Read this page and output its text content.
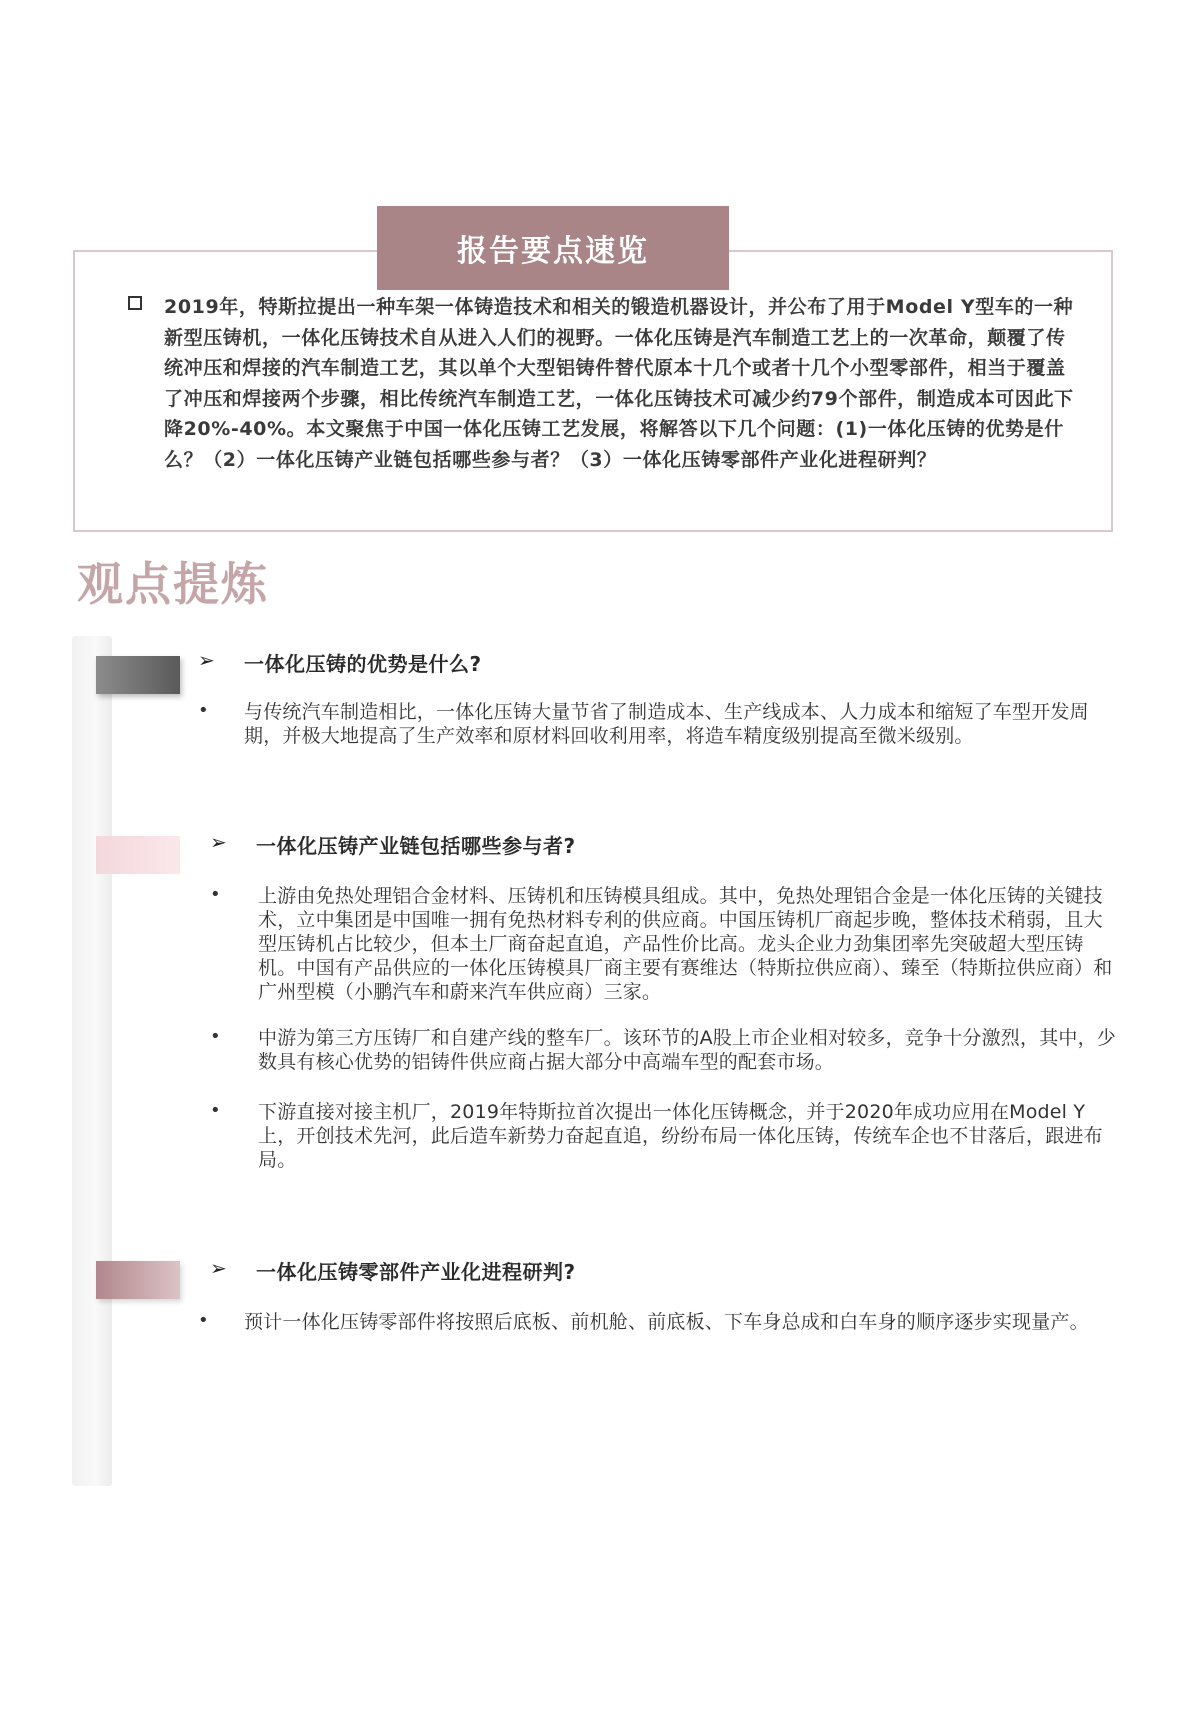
报告要点速览
2019年，特斯拉提出一种车架一体铸造技术和相关的锻造机器设计，并公布了用于Model Y型车的一种新型压铸机，一体化压铸技术自从进入人们的视野。一体化压铸是汽车制造工艺上的一次革命，颠覆了传统冲压和焊接的汽车制造工艺，其以单个大型铝铸件替代原本十几个或者十几个小型零部件，相当于覆盖了冲压和焊接两个步骤，相比传统汽车制造工艺，一体化压铸技术可减少约79个部件，制造成本可因此下降20%-40%。本文聚焦于中国一体化压铸工艺发展，将解答以下几个问题：(1)一体化压铸的优势是什么？（2）一体化压铸产业链包括哪些参与者？（3）一体化压铸零部件产业化进程研判？
观点提炼
➢ 一体化压铸的优势是什么?
• 与传统汽车制造相比，一体化压铸大量节省了制造成本、生产线成本、人力成本和缩短了车型开发周期，并极大地提高了生产效率和原材料回收利用率，将造车精度级别提高至微米级别。
➢ 一体化压铸产业链包括哪些参与者?
• 上游由免热处理铝合金材料、压铸机和压铸模具组成。其中，免热处理铝合金是一体化压铸的关键技术，立中集团是中国唯一拥有免热材料专利的供应商。中国压铸机厂商起步晚，整体技术稍弱，且大型压铸机占比较少，但本土厂商奋起直追，产品性价比高。龙头企业力劲集团率先突破超大型压铸机。中国有产品供应的一体化压铸模具厂商主要有赛维达（特斯拉供应商）、臻至（特斯拉供应商）和广州型模（小鹏汽车和蔚来汽车供应商）三家。
• 中游为第三方压铸厂和自建产线的整车厂。该环节的A股上市企业相对较多，竞争十分激烈，其中，少数具有核心优势的铝铸件供应商占据大部分中高端车型的配套市场。
• 下游直接对接主机厂，2019年特斯拉首次提出一体化压铸概念，并于2020年成功应用在Model Y上，开创技术先河，此后造车新势力奋起直追，纷纷布局一体化压铸，传统车企也不甘落后，跟进布局。
➢ 一体化压铸零部件产业化进程研判?
• 预计一体化压铸零部件将按照后底板、前机舱、前底板、下车身总成和白车身的顺序逐步实现量产。
